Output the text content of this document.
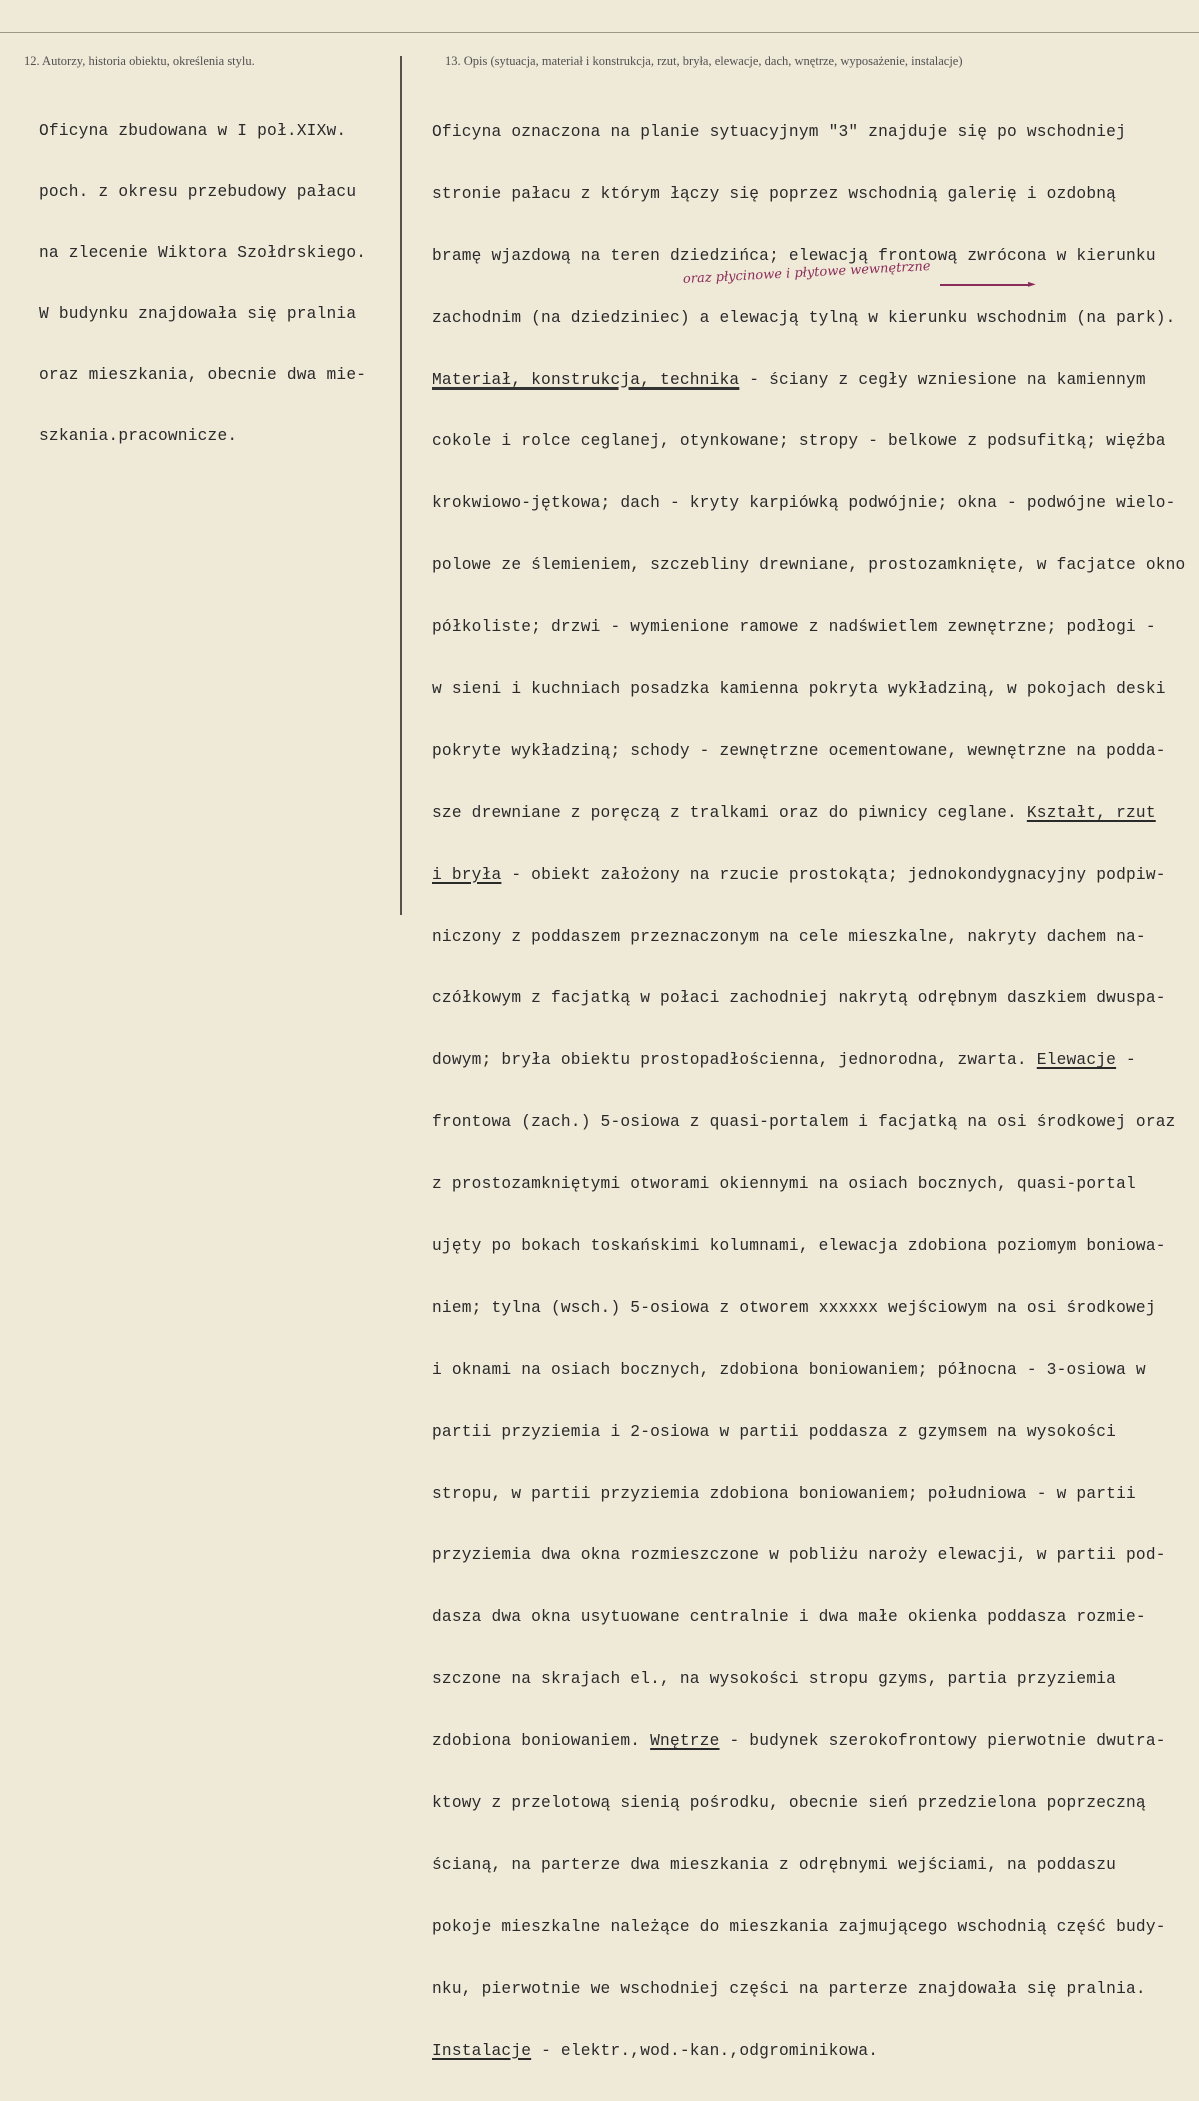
12. Autorzy, historia obiektu, określenia stylu.	13. Opis (sytuacja, materiał i konstrukcja, rzut, bryła, elewacje, dach, wnętrze, wyposażenie, instalacje)

Oficyna zbudowana w I poł.XIXw.

poch. z okresu przebudowy pałacu

na zlecenie Wiktora Szołdrskiego.

W budynku znajdowała się pralnia

oraz mieszkania, obecnie dwa mie-

szkania.pracownicze.

Oficyna oznaczona na planie sytuacyjnym "3" znajduje się po wschodniej

stronie pałacu z którym łączy się poprzez wschodnią galerię i ozdobną

bramę wjazdową na teren dziedzińca; elewacją frontową zwrócona w kierunku

zachodnim (na dziedziniec) a elewacją tylną w kierunku wschodnim (na park).

Materiał, konstrukcja, technika - ściany z cegły wzniesione na kamiennym

cokole i rolce ceglanej, otynkowane; stropy - belkowe z podsufitką; więźba

krokwiowo-jętkowa; dach - kryty karpiówką podwójnie; okna - podwójne wielo-

polowe ze ślemieniem, szczebliny drewniane, prostozamknięte, w facjatce okno

półkoliste; drzwi - wymienione ramowe z nadświetlem zewnętrzne; podłogi -

w sieni i kuchniach posadzka kamienna pokryta wykładziną, w pokojach deski

pokryte wykładziną; schody - zewnętrzne ocementowane, wewnętrzne na podda-

sze drewniane z poręczą z tralkami oraz do piwnicy ceglane. Kształt, rzut

i bryła - obiekt założony na rzucie prostokąta; jednokondygnacyjny podpiw-

niczony z poddaszem przeznaczonym na cele mieszkalne, nakryty dachem na-

czółkowym z facjatką w połaci zachodniej nakrytą odrębnym daszkiem dwuspa-

dowym; bryła obiektu prostopadłościenna, jednorodna, zwarta. Elewacje -

frontowa (zach.) 5-osiowa z quasi-portalem i facjatką na osi środkowej oraz

z prostozamkniętymi otworami okiennymi na osiach bocznych, quasi-portal

ujęty po bokach toskańskimi kolumnami, elewacja zdobiona poziomym boniowa-

niem; tylna (wsch.) 5-osiowa z otworem xxxxxx wejściowym na osi środkowej

i oknami na osiach bocznych, zdobiona boniowaniem; północna - 3-osiowa w

partii przyziemia i 2-osiowa w partii poddasza z gzymsem na wysokości

stropu, w partii przyziemia zdobiona boniowaniem; południowa - w partii

przyziemia dwa okna rozmieszczone w pobliżu naroży elewacji, w partii pod-

dasza dwa okna usytuowane centralnie i dwa małe okienka poddasza rozmie-

szczone na skrajach el., na wysokości stropu gzyms, partia przyziemia

zdobiona boniowaniem. Wnętrze - budynek szerokofrontowy pierwotnie dwutra-

ktowy z przelotową sienią pośrodku, obecnie sień przedzielona poprzeczną

ścianą, na parterze dwa mieszkania z odrębnymi wejściami, na poddaszu

pokoje mieszkalne należące do mieszkania zajmującego wschodnią część budy-

nku, pierwotnie we wschodniej części na parterze znajdowała się pralnia.

Instalacje - elektr.,wod.-kan.,odgrominikowa.

oraz płycinowe i płytowe wewnętrzne	►
